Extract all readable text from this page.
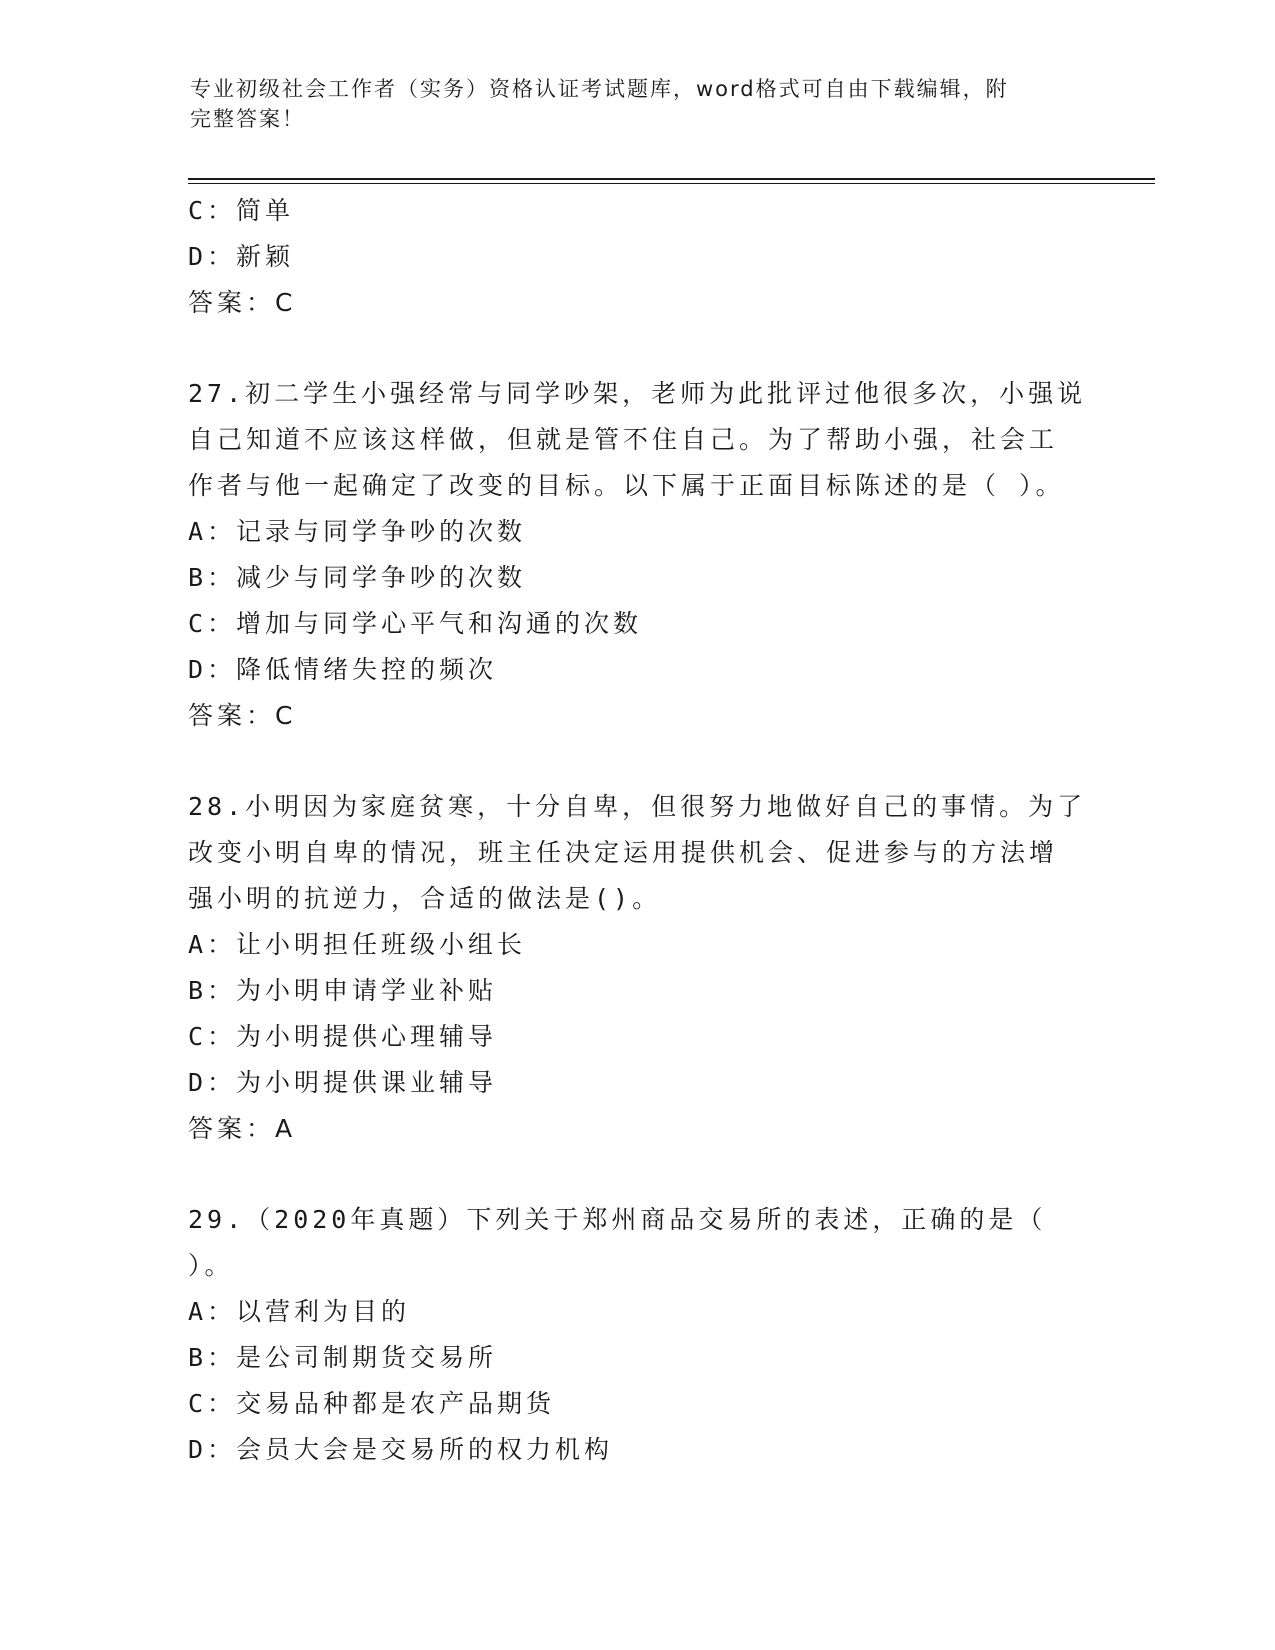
专业初级社会工作者（实务）资格认证考试题库，word格式可自由下载编辑，附
完整答案！
C：简单
D：新颖
答案：C
27.初二学生小强经常与同学吵架，老师为此批评过他很多次，小强说
自己知道不应该这样做，但就是管不住自己。为了帮助小强，社会工
作者与他一起确定了改变的目标。以下属于正面目标陈述的是（ ）。
A：记录与同学争吵的次数
B：减少与同学争吵的次数
C：增加与同学心平气和沟通的次数
D：降低情绪失控的频次
答案：C
28.小明因为家庭贫寒，十分自卑，但很努力地做好自己的事情。为了
改变小明自卑的情况，班主任决定运用提供机会、促进参与的方法增
强小明的抗逆力，合适的做法是()。
A：让小明担任班级小组长
B：为小明申请学业补贴
C：为小明提供心理辅导
D：为小明提供课业辅导
答案：A
29.（2020年真题）下列关于郑州商品交易所的表述，正确的是（
）。
A：以营利为目的
B：是公司制期货交易所
C：交易品种都是农产品期货
D：会员大会是交易所的权力机构
